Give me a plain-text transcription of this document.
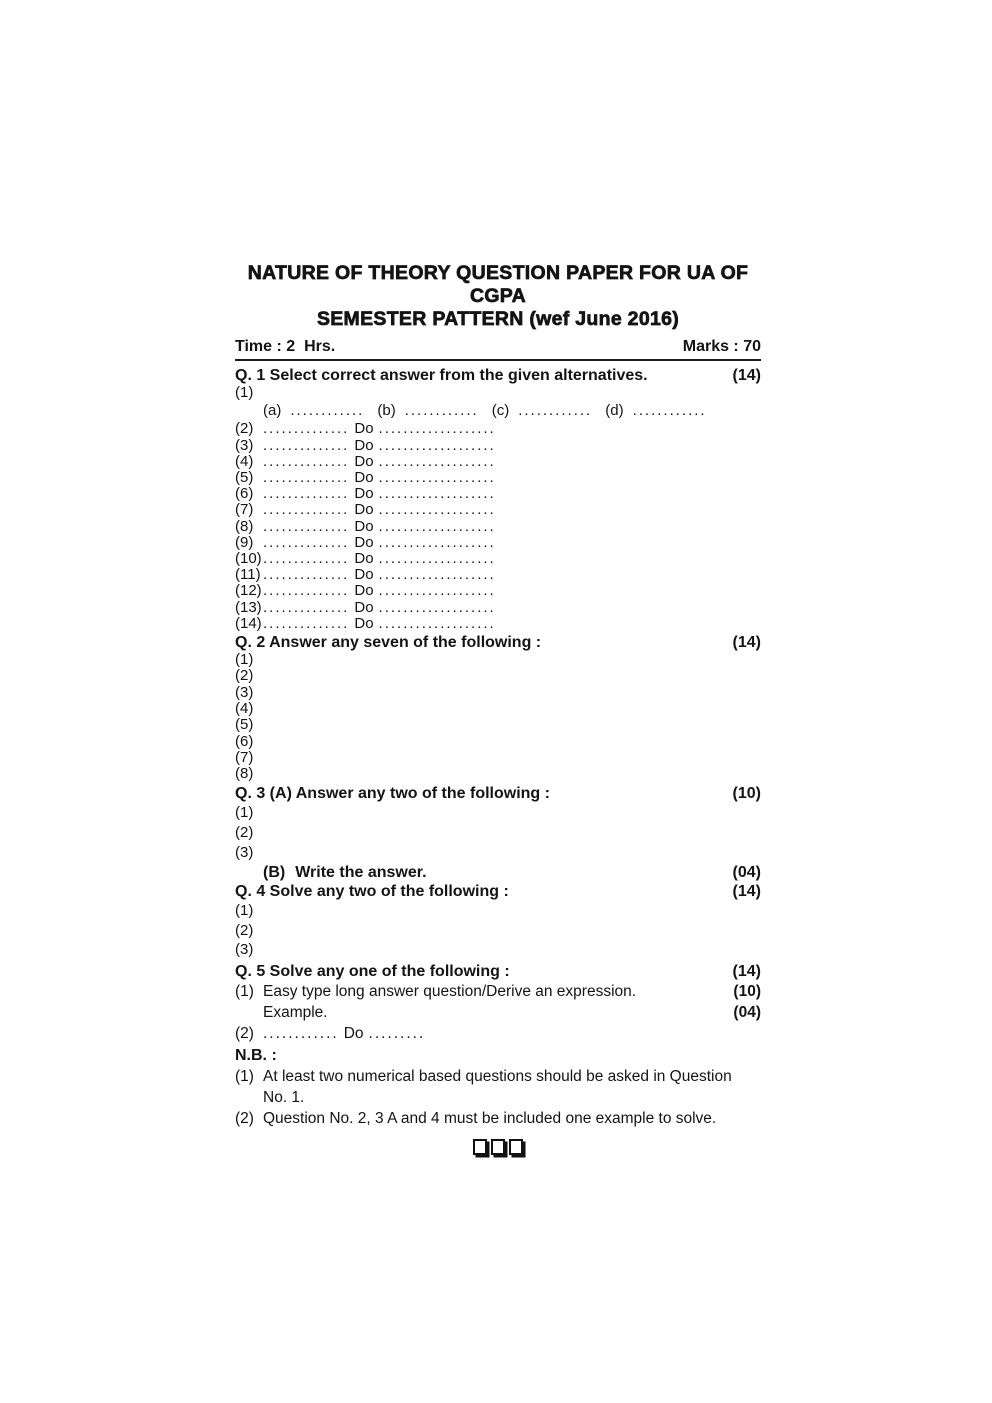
NATURE OF THEORY QUESTION PAPER FOR UA OF CGPA
SEMESTER PATTERN (wef June 2016)
Time : 2  Hrs.	Marks : 70
Q. 1 Select correct answer from the given alternatives.	(14)
(1)
(a) ............ (b) ............ (c) ............ (d) ............
(2) .............. Do ...................
(3) .............. Do ...................
(4) .............. Do ...................
(5) .............. Do ...................
(6) .............. Do ...................
(7) .............. Do ...................
(8) .............. Do ...................
(9) .............. Do ...................
(10) .............. Do ...................
(11) .............. Do ...................
(12) .............. Do ...................
(13) .............. Do ...................
(14) .............. Do ...................
Q. 2 Answer any seven of the following :	(14)
(1)
(2)
(3)
(4)
(5)
(6)
(7)
(8)
Q. 3 (A) Answer any two of the following :	(10)
(1)
(2)
(3)
(B) Write the answer.	(04)
Q. 4 Solve any two of the following :	(14)
(1)
(2)
(3)
Q. 5 Solve any one of the following :	(14)
(1) Easy type long answer question/Derive an expression.	(10)
Example.	(04)
(2) ............ Do .........
N.B. :
(1) At least two numerical based questions should be asked in Question No. 1.
(2) Question No. 2, 3 A and 4 must be included one example to solve.
